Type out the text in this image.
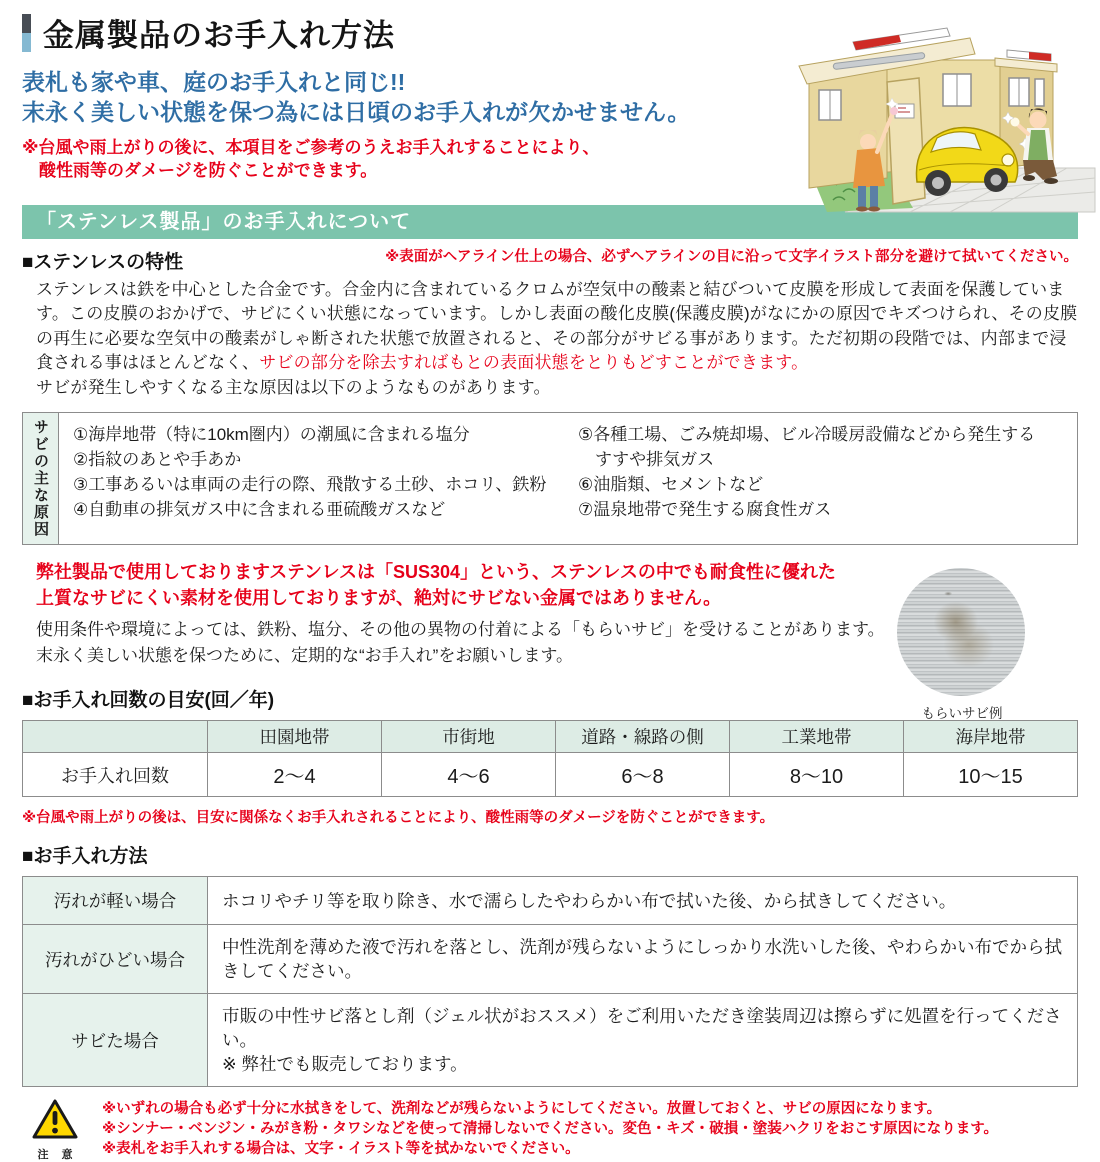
金属製品のお手入れ方法
表札も家や車、庭のお手入れと同じ!!
末永く美しい状態を保つ為には日頃のお手入れが欠かせません。
※台風や雨上がりの後に、本項目をご参考のうえお手入れすることにより、
　酸性雨等のダメージを防ぐことができます。
「ステンレス製品」のお手入れについて
■ステンレスの特性	※表面がヘアライン仕上の場合、必ずヘアラインの目に沿って文字イラスト部分を避けて拭いてください。
ステンレスは鉄を中心とした合金です。合金内に含まれているクロムが空気中の酸素と結びついて皮膜を形成して表面を保護しています。この皮膜のおかげで、サビにくい状態になっています。しかし表面の酸化皮膜(保護皮膜)がなにかの原因でキズつけられ、その皮膜の再生に必要な空気中の酸素がしゃ断された状態で放置されると、その部分がサビる事があります。ただ初期の段階では、内部まで浸食される事はほとんどなく、サビの部分を除去すればもとの表面状態をとりもどすことができます。
サビが発生しやすくなる主な原因は以下のようなものがあります。
サビの主な原因	①海岸地帯（特に10km圏内）の潮風に含まれる塩分
②指紋のあとや手あか
③工事あるいは車両の走行の際、飛散する土砂、ホコリ、鉄粉
④自動車の排気ガス中に含まれる亜硫酸ガスなど
⑤各種工場、ごみ焼却場、ビル冷暖房設備などから発生する
　すすや排気ガス
⑥油脂類、セメントなど
⑦温泉地帯で発生する腐食性ガス
弊社製品で使用しておりますステンレスは「SUS304」という、ステンレスの中でも耐食性に優れた
上質なサビにくい素材を使用しておりますが、絶対にサビない金属ではありません。
使用条件や環境によっては、鉄粉、塩分、その他の異物の付着による「もらいサビ」を受けることがあります。
末永く美しい状態を保つために、定期的な“お手入れ”をお願いします。
もらいサビ例
■お手入れ回数の目安(回／年)
	田園地帯	市街地	道路・線路の側	工業地帯	海岸地帯
お手入れ回数	2〜4	4〜6	6〜8	8〜10	10〜15
※台風や雨上がりの後は、目安に関係なくお手入れされることにより、酸性雨等のダメージを防ぐことができます。
■お手入れ方法
汚れが軽い場合	ホコリやチリ等を取り除き、水で濡らしたやわらかい布で拭いた後、から拭きしてください。
汚れがひどい場合	中性洗剤を薄めた液で汚れを落とし、洗剤が残らないようにしっかり水洗いした後、やわらかい布でから拭きしてください。
サビた場合	市販の中性サビ落とし剤（ジェル状がおススメ）をご利用いただき塗装周辺は擦らずに処置を行ってください。
※ 弊社でも販売しております。
注 意
※いずれの場合も必ず十分に水拭きをして、洗剤などが残らないようにしてください。放置しておくと、サビの原因になります。
※シンナー・ベンジン・みがき粉・タワシなどを使って清掃しないでください。変色・キズ・破損・塗装ハクリをおこす原因になります。
※表札をお手入れする場合は、文字・イラスト等を拭かないでください。
